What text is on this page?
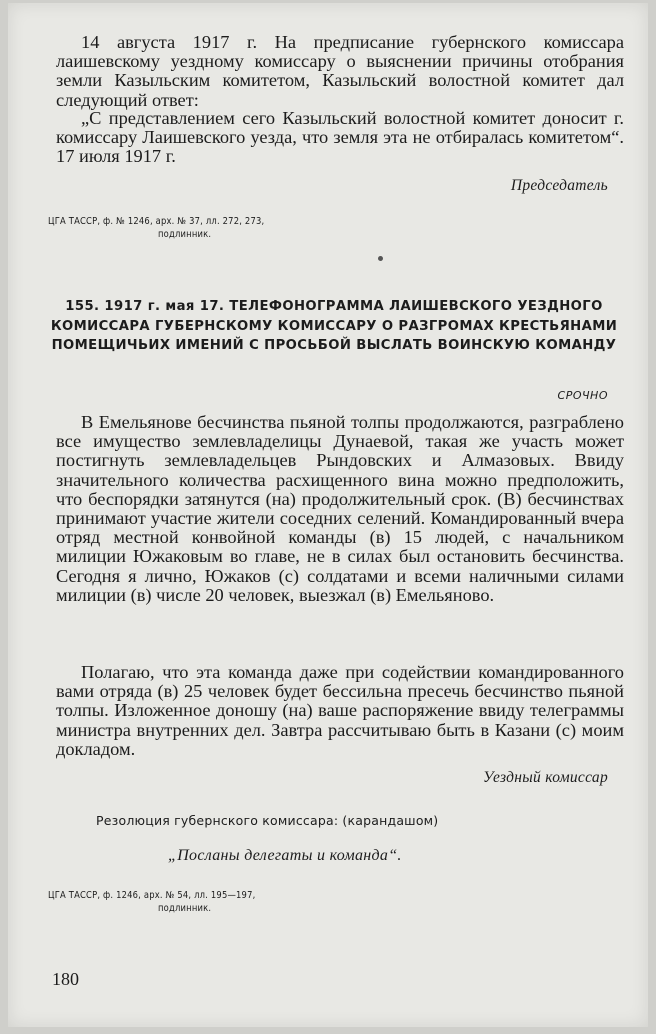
14 августа 1917 г. На предписание губернского комиссара лаишевскому уездному комиссару о выяснении причины отобрания земли Казыльским комитетом, Казыльский волостной комитет дал следующий ответ:

„С представлением сего Казыльский волостной комитет доносит г. комиссару Лаишевского уезда, что земля эта не отбиралась комитетом“. 17 июля 1917 г.

Председатель
ЦГА ТАССР, ф. № 1246, арх. № 37, лл. 272, 273,
подлинник.

155. 1917 г. мая 17. ТЕЛЕФОНОГРАММА ЛАИШЕВСКОГО УЕЗДНОГО КОМИССАРА ГУБЕРНСКОМУ КОМИССАРУ О РАЗГРОМАХ КРЕСТЬЯНАМИ ПОМЕЩИЧЬИХ ИМЕНИЙ С ПРОСЬБОЙ ВЫСЛАТЬ ВОИНСКУЮ КОМАНДУ

СРОЧНО

В Емельянове бесчинства пьяной толпы продолжаются, разграблено все имущество землевладелицы Дунаевой, такая же участь может постигнуть землевладельцев Рындовских и Алмазовых. Ввиду значительного количества расхищенного вина можно предположить, что беспорядки затянутся (на) продолжительный срок. (В) бесчинствах принимают участие жители соседних селений. Командированный вчера отряд местной конвойной команды (в) 15 людей, с начальником милиции Южаковым во главе, не в силах был остановить бесчинства. Сегодня я лично, Южаков (с) солдатами и всеми наличными силами милиции (в) числе 20 человек, выезжал (в) Емельяново.

Полагаю, что эта команда даже при содействии командированного вами отряда (в) 25 человек будет бессильна пресечь бесчинство пьяной толпы. Изложенное доношу (на) ваше распоряжение ввиду телеграммы министра внутренних дел. Завтра рассчитываю быть в Казани (с) моим докладом.

Уездный комиссар
Резолюция губернского комиссара: (карандашом)
„Посланы делегаты и команда“.
ЦГА ТАССР, ф. 1246, арх. № 54, лл. 195—197,
подлинник.
180
